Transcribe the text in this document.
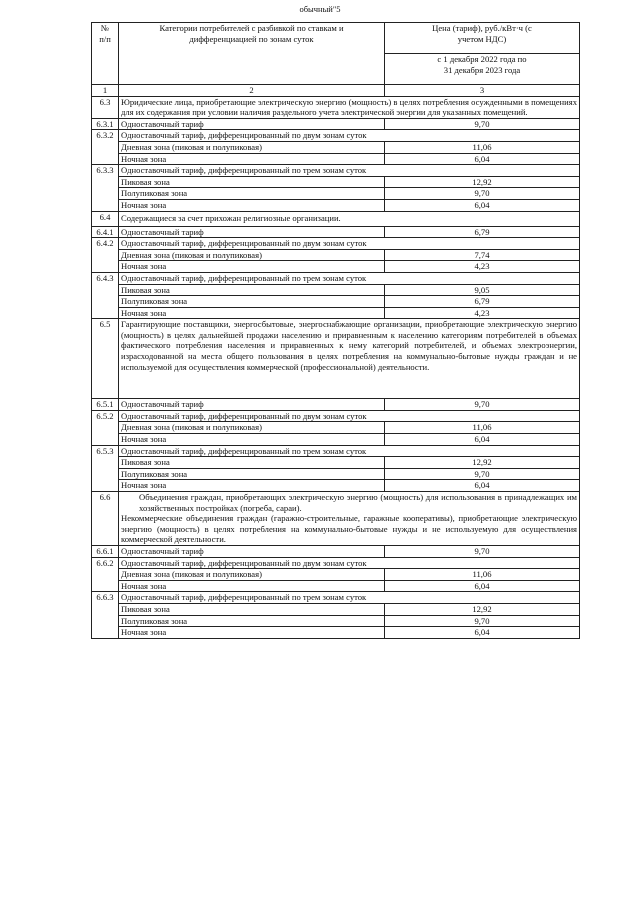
обычный"5
№
п/п	Категории потребителей с разбивкой по ставкам и дифференциацией по зонам суток	Цена (тариф), руб./кВт·ч (с учетом НДС)
		с 1 декабря 2022 года по 31 декабря 2023 года
1	2	3
6.3	Юридические лица, приобретающие электрическую энергию (мощность) в целях потребления осужденными в помещениях для их содержания при условии наличия раздельного учета электрической энергии для указанных помещений.	
6.3.1	Одноставочный тариф	9,70
6.3.2	Одноставочный тариф, дифференцированный по двум зонам суток	
	Дневная зона (пиковая и полупиковая)	11,06
	Ночная зона	6,04
6.3.3	Одноставочный тариф, дифференцированный по трем зонам суток	
	Пиковая зона	12,92
	Полупиковая зона	9,70
	Ночная зона	6,04
6.4	Содержащиеся за счет прихожан религиозные организации.	
6.4.1	Одноставочный тариф	6,79
6.4.2	Одноставочный тариф, дифференцированный по двум зонам суток	
	Дневная зона (пиковая и полупиковая)	7,74
	Ночная зона	4,23
6.4.3	Одноставочный тариф, дифференцированный по трем зонам суток	
	Пиковая зона	9,05
	Полупиковая зона	6,79
	Ночная зона	4,23
6.5	Гарантирующие поставщики, энергосбытовые, энергоснабжающие организации, приобретающие электрическую энергию (мощность) в целях дальнейшей продажи населению и приравненным к населению категориям потребителей в объемах фактического потребления населения и приравненных к нему категорий потребителей, и объемах электроэнергии, израсходованной на места общего пользования в целях потребления на коммунально-бытовые нужды граждан и не используемой для осуществления коммерческой (профессиональной) деятельности.	

6.5.1	Одноставочный тариф	9,70
6.5.2	Одноставочный тариф, дифференцированный по двум зонам суток	
	Дневная зона (пиковая и полупиковая)	11,06
	Ночная зона	6,04
6.5.3	Одноставочный тариф, дифференцированный по трем зонам суток	
	Пиковая зона	12,92
	Полупиковая зона	9,70
	Ночная зона	6,04
6.6	Объединения граждан, приобретающих электрическую энергию (мощность) для использования в принадлежащих им хозяйственных постройках (погреба, сараи).
Некоммерческие объединения граждан (гаражно-строительные, гаражные кооперативы), приобретающие электрическую энергию (мощность) в целях потребления на коммунально-бытовые нужды и не используемую для осуществления коммерческой деятельности.	

6.6.1	Одноставочный тариф	9,70
6.6.2	Одноставочный тариф, дифференцированный по двум зонам суток	
	Дневная зона (пиковая и полупиковая)	11,06
	Ночная зона	6,04
6.6.3	Одноставочный тариф, дифференцированный по трем зонам суток	
	Пиковая зона	12,92
	Полупиковая зона	9,70
	Ночная зона	6,04
